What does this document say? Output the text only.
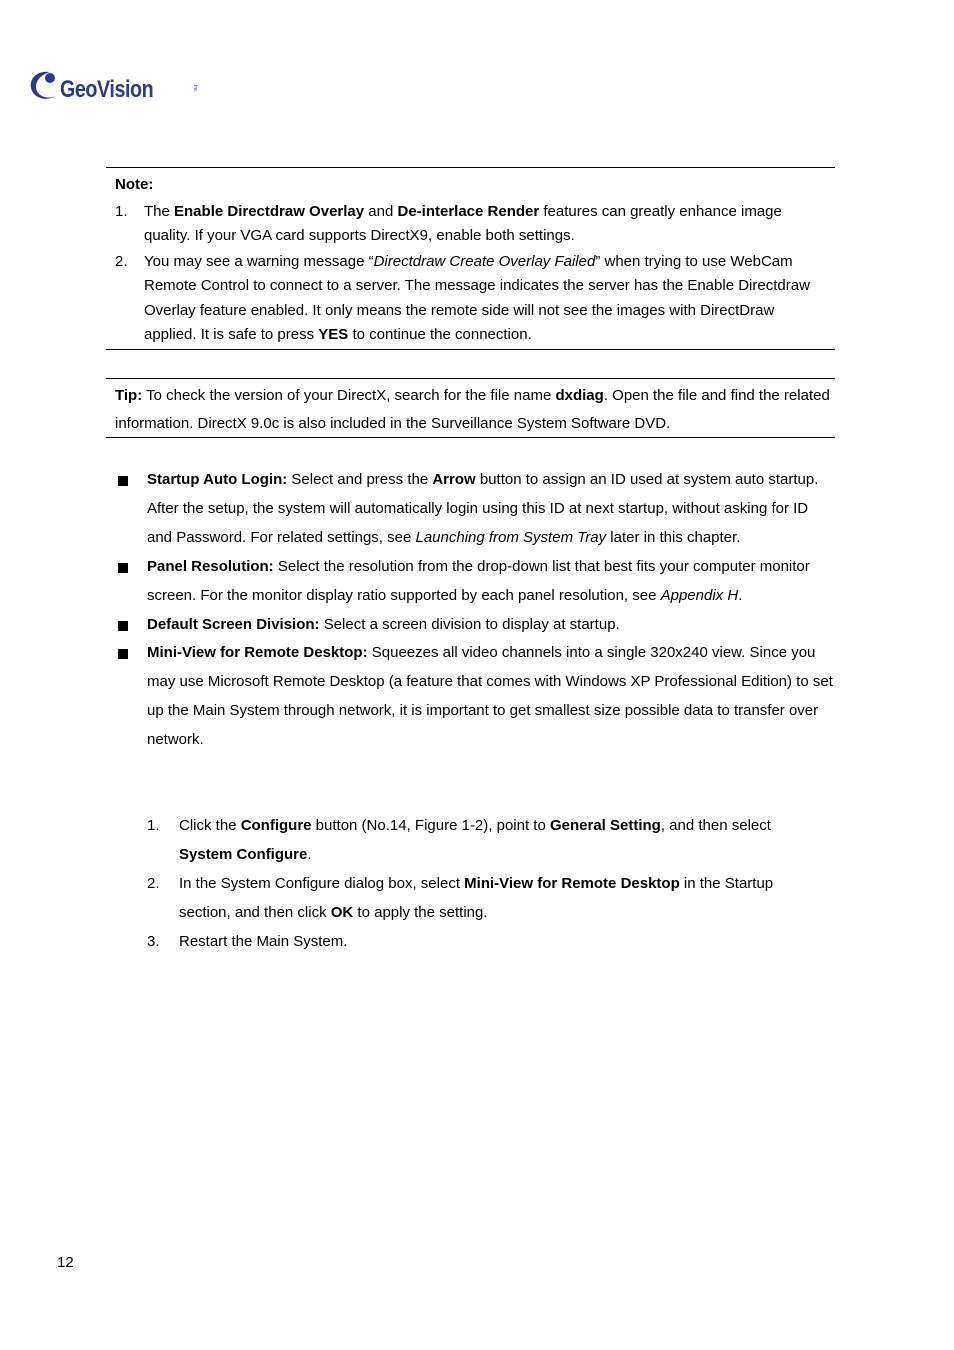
GeoVision	Inc.
Note:
1. The Enable Directdraw Overlay and De-interlace Render features can greatly enhance image quality. If your VGA card supports DirectX9, enable both settings.
2. You may see a warning message “Directdraw Create Overlay Failed” when trying to use WebCam Remote Control to connect to a server. The message indicates the server has the Enable Directdraw Overlay feature enabled. It only means the remote side will not see the images with DirectDraw applied. It is safe to press YES to continue the connection.
Tip: To check the version of your DirectX, search for the file name dxdiag. Open the file and find the related information. DirectX 9.0c is also included in the Surveillance System Software DVD.
Startup Auto Login: Select and press the Arrow button to assign an ID used at system auto startup. After the setup, the system will automatically login using this ID at next startup, without asking for ID and Password. For related settings, see Launching from System Tray later in this chapter.
Panel Resolution: Select the resolution from the drop-down list that best fits your computer monitor screen. For the monitor display ratio supported by each panel resolution, see Appendix H.
Default Screen Division: Select a screen division to display at startup.
Mini-View for Remote Desktop: Squeezes all video channels into a single 320x240 view. Since you may use Microsoft Remote Desktop (a feature that comes with Windows XP Professional Edition) to set up the Main System through network, it is important to get smallest size possible data to transfer over network.
1. Click the Configure button (No.14, Figure 1-2), point to General Setting, and then select System Configure.
2. In the System Configure dialog box, select Mini-View for Remote Desktop in the Startup section, and then click OK to apply the setting.
3. Restart the Main System.
12
